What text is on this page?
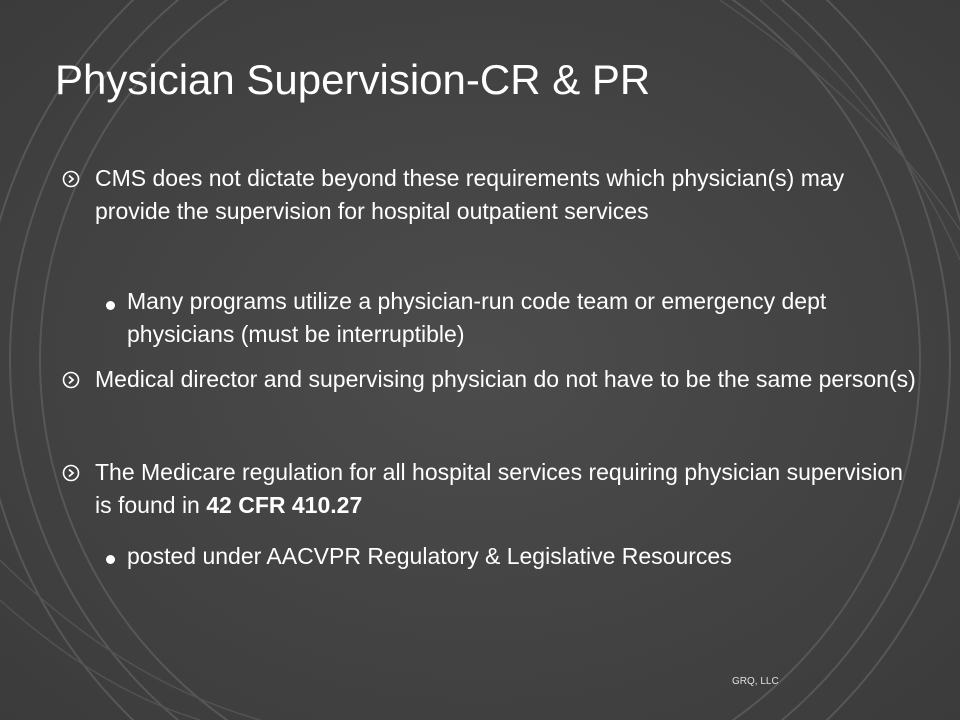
Physician Supervision-CR & PR
CMS does not dictate beyond these requirements which physician(s) may provide the supervision for hospital outpatient services
Many programs utilize a physician-run code team or emergency dept physicians (must be interruptible)
Medical director and supervising physician do not have to be the same person(s)
The Medicare regulation for all hospital services requiring physician supervision is found in 42 CFR 410.27
posted under AACVPR Regulatory & Legislative Resources
GRQ, LLC
